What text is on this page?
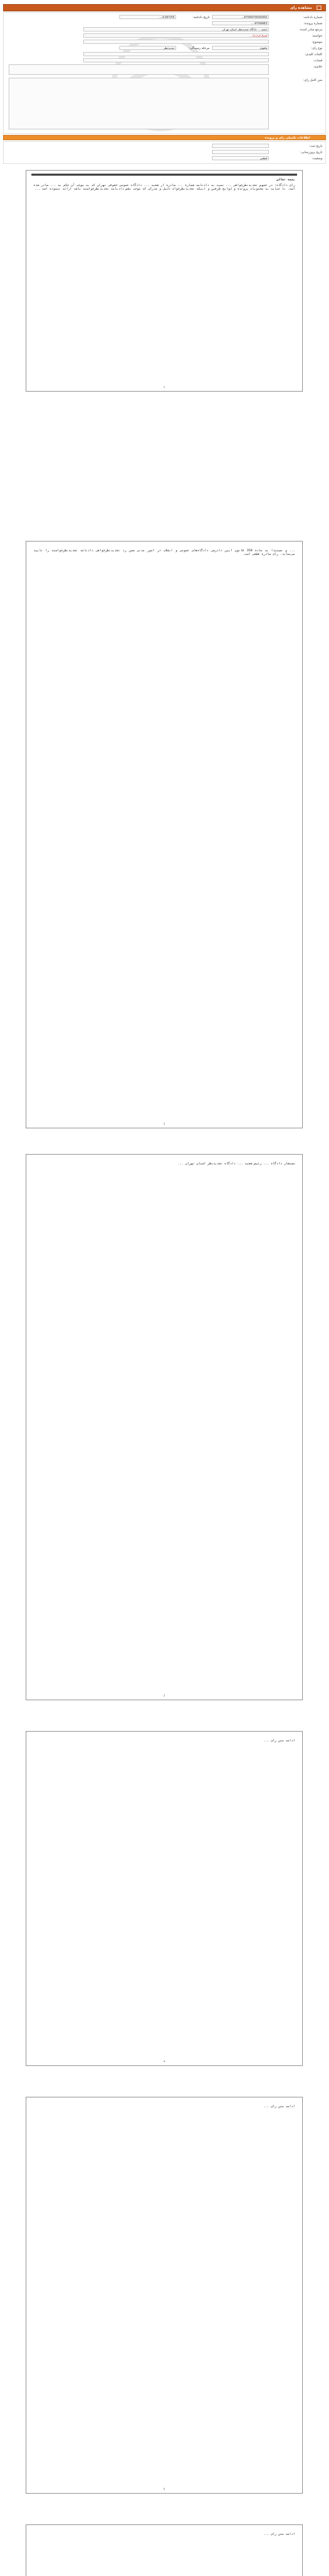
مشاهده رای
شماره دادنامه:
9709970000000...
تاریخ دادنامه:
1397/05/...
شماره پرونده:
9709983-...
مرجع صادر کننده:
شعبه ... دادگاه تجدیدنظر استان تهران
خواسته:
فسخ قرارداد ...
موضوع:
نوع رای:
ماهوی
مرحله رسیدگی:
تجدیدنظر
کلمات کلیدی:
قضات:
خلاصه:
متن کامل رای:
اطلاعات تکمیلی رای و پرونده
تاریخ ثبت:
تاریخ بروزرسانی:
وضعیت:
قطعی

بسمه تعالی

رای دادگاه: در خصوص تجدیدنظرخواهی ... نسبت به دادنامه شماره ... صادره از شعبه ... دادگاه عمومی حقوقی تهران که به موجب آن حکم به ... صادر شده است، با عنایت به محتویات پرونده و لوایح طرفین و اینکه تجدیدنظرخواه دلیل و مدرکی که موجب نقض دادنامه تجدیدنظرخواسته باشد ارائه ننموده است ...

1

... و مستنداً به ماده 358 قانون آیین دادرسی دادگاه‌های عمومی و انقلاب در امور مدنی ضمن رد تجدیدنظرخواهی دادنامه تجدیدنظرخواسته را تأیید می‌نماید. رای صادره قطعی است.

2

مستشار دادگاه ... رئیس شعبه ... دادگاه تجدیدنظر استان تهران ...

3

ادامه متن رای ...

4

ادامه متن رای ...

5

ادامه متن رای ...
